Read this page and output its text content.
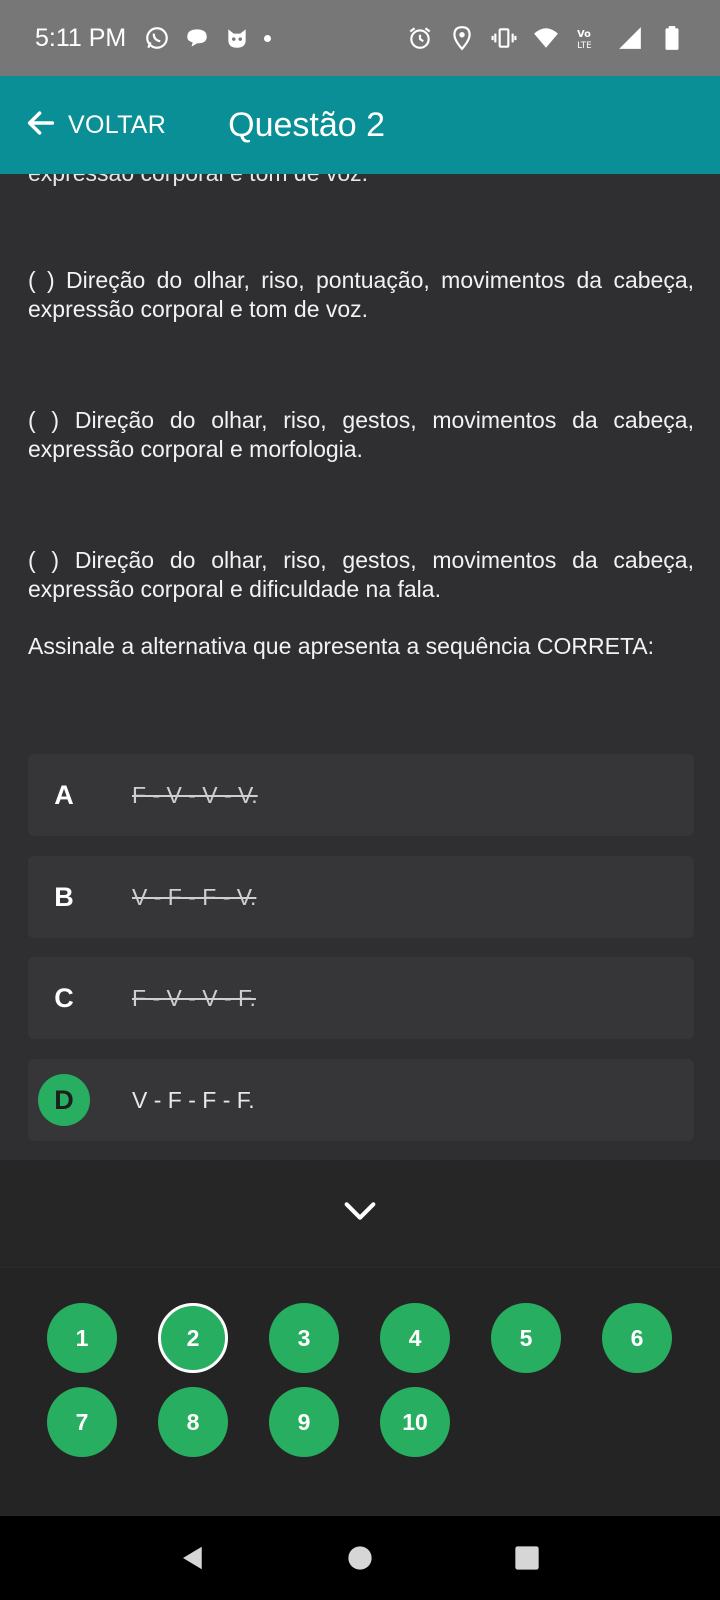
5:11 PM	Vo
LTE
VOLTAR Questão 2

( ) Direção do olhar, riso, pontuação, movimentos da cabeça, expressão corporal e tom de voz.

( ) Direção do olhar, riso, gestos, movimentos da cabeça, expressão corporal e morfologia.

( ) Direção do olhar, riso, gestos, movimentos da cabeça, expressão corporal e dificuldade na fala.

Assinale a alternativa que apresenta a sequência CORRETA:

A	F - V - V - V.
B	V - F - F - V.
C	F - V - V - F.
D	V - F - F - F.
1	2	3	4	5	6
7	8	9	10
